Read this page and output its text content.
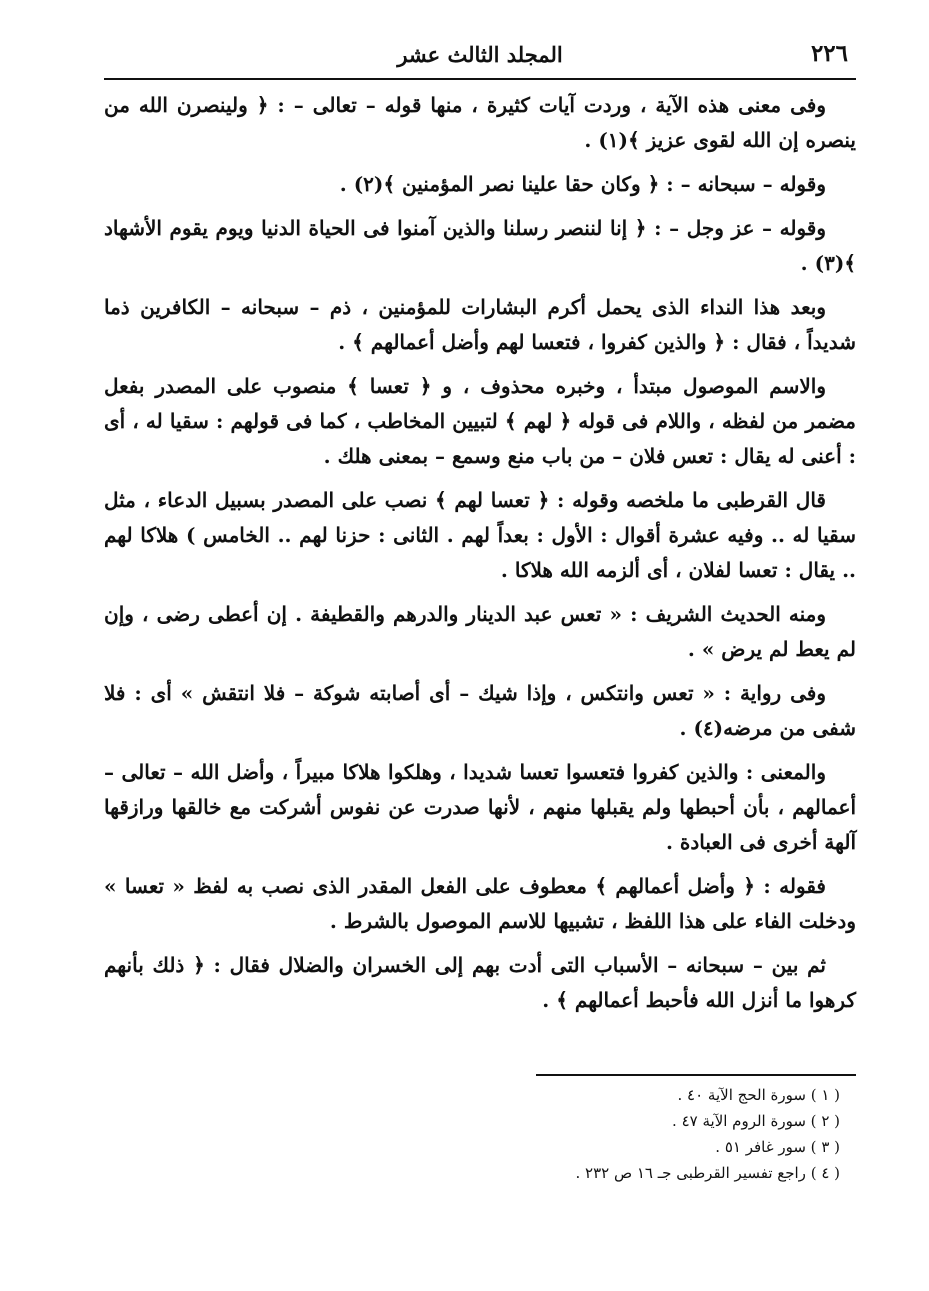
٢٢٦
المجلد الثالث عشر

وفى معنى هذه الآية ، وردت آيات كثيرة ، منها قوله – تعالى – : ﴿ ولينصرن الله من ينصره إن الله لقوى عزيز ﴾(١) .

وقوله – سبحانه – : ﴿ وكان حقا علينا نصر المؤمنين ﴾(٢) .

وقوله – عز وجل – : ﴿ إنا لننصر رسلنا والذين آمنوا فى الحياة الدنيا ويوم يقوم الأشهاد ﴾(٣) .

وبعد هذا النداء الذى يحمل أكرم البشارات للمؤمنين ، ذم – سبحانه – الكافرين ذما شديداً ، فقال : ﴿ والذين كفروا ، فتعسا لهم وأضل أعمالهم ﴾ .

والاسم الموصول مبتدأ ، وخبره محذوف ، و ﴿ تعسا ﴾ منصوب على المصدر بفعل مضمر من لفظه ، واللام فى قوله ﴿ لهم ﴾ لتبيين المخاطب ، كما فى قولهم : سقيا له ، أى : أعنى له يقال : تعس فلان – من باب منع وسمع – بمعنى هلك .

قال القرطبى ما ملخصه وقوله : ﴿ تعسا لهم ﴾ نصب على المصدر بسبيل الدعاء ، مثل سقيا له .. وفيه عشرة أقوال : الأول : بعداً لهم . الثانى : حزنا لهم .. الخامس ) هلاكا لهم .. يقال : تعسا لفلان ، أى ألزمه الله هلاكا .

ومنه الحديث الشريف : « تعس عبد الدينار والدرهم والقطيفة . إن أعطى رضى ، وإن لم يعط لم يرض » .

وفى رواية : « تعس وانتكس ، وإذا شيك – أى أصابته شوكة – فلا انتقش » أى : فلا شفى من مرضه(٤) .

والمعنى : والذين كفروا فتعسوا تعسا شديدا ، وهلكوا هلاكا مبيراً ، وأضل الله – تعالى – أعمالهم ، بأن أحبطها ولم يقبلها منهم ، لأنها صدرت عن نفوس أشركت مع خالقها ورازقها آلهة أخرى فى العبادة .

فقوله : ﴿ وأضل أعمالهم ﴾ معطوف على الفعل المقدر الذى نصب به لفظ « تعسا » ودخلت الفاء على هذا اللفظ ، تشبيها للاسم الموصول بالشرط .

ثم بين – سبحانه – الأسباب التى أدت بهم إلى الخسران والضلال فقال : ﴿ ذلك بأنهم كرهوا ما أنزل الله فأحبط أعمالهم ﴾ .

( ١ ) سورة الحج الآية ٤٠ .
( ٢ ) سورة الروم الآية ٤٧ .
( ٣ ) سور غافر ٥١ .
( ٤ ) راجع تفسير القرطبى جـ ١٦ ص ٢٣٢ .
